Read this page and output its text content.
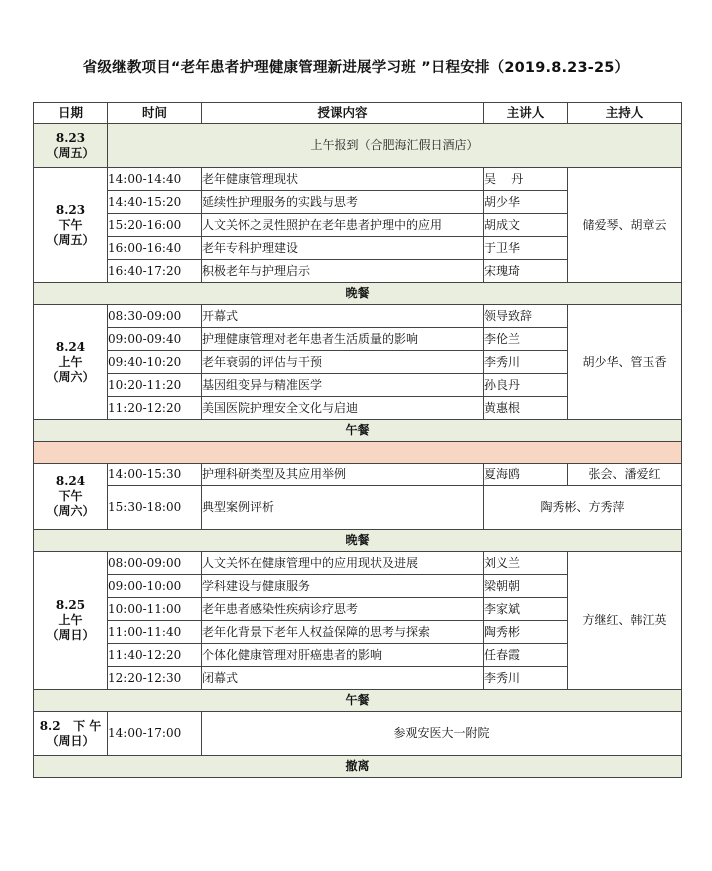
省级继教项目“老年患者护理健康管理新进展学习班 ”日程安排（2019.8.23-25）
日期	时间	授课内容	主讲人	主持人

8.23
（周五）	上午报到（合肥海汇假日酒店）			

8.23
下午
（周五）	14:00-14:40	老年健康管理现状	吴    丹	储爱琴、胡章云
	14:40-15:20	延续性护理服务的实践与思考	胡少华	
	15:20-16:00	人文关怀之灵性照护在老年患者护理中的应用	胡成文	
	16:00-16:40	老年专科护理建设	于卫华	
	16:40-17:20	积极老年与护理启示	宋瑰琦	
晚餐				

8.24
上午
（周六）	08:30-09:00	开幕式	领导致辞	胡少华、管玉香
	09:00-09:40	护理健康管理对老年患者生活质量的影响	李伦兰	
	09:40-10:20	老年衰弱的评估与干预	李秀川	
	10:20-11:20	基因组变异与精准医学	孙良丹	
	11:20-12:20	美国医院护理安全文化与启迪	黄惠根	
午餐				

8.24
下午
（周六）	14:00-15:30	护理科研类型及其应用举例	夏海鸥	张会、潘爱红
	15:30-18:00	典型案例评析	陶秀彬、方秀萍	
晚餐				

8.25
上午
（周日）	08:00-09:00	人文关怀在健康管理中的应用现状及进展	刘义兰	方继红、韩江英
	09:00-10:00	学科建设与健康服务	梁朝朝	
	10:00-11:00	老年患者感染性疾病诊疗思考	李家斌	
	11:00-11:40	老年化背景下老年人权益保障的思考与探索	陶秀彬	
	11:40-12:20	个体化健康管理对肝癌患者的影响	任春霞	
	12:20-12:30	闭幕式	李秀川	
午餐				

8.2   下 午
（周日）	14:00-17:00	参观安医大一附院		
撤离				
